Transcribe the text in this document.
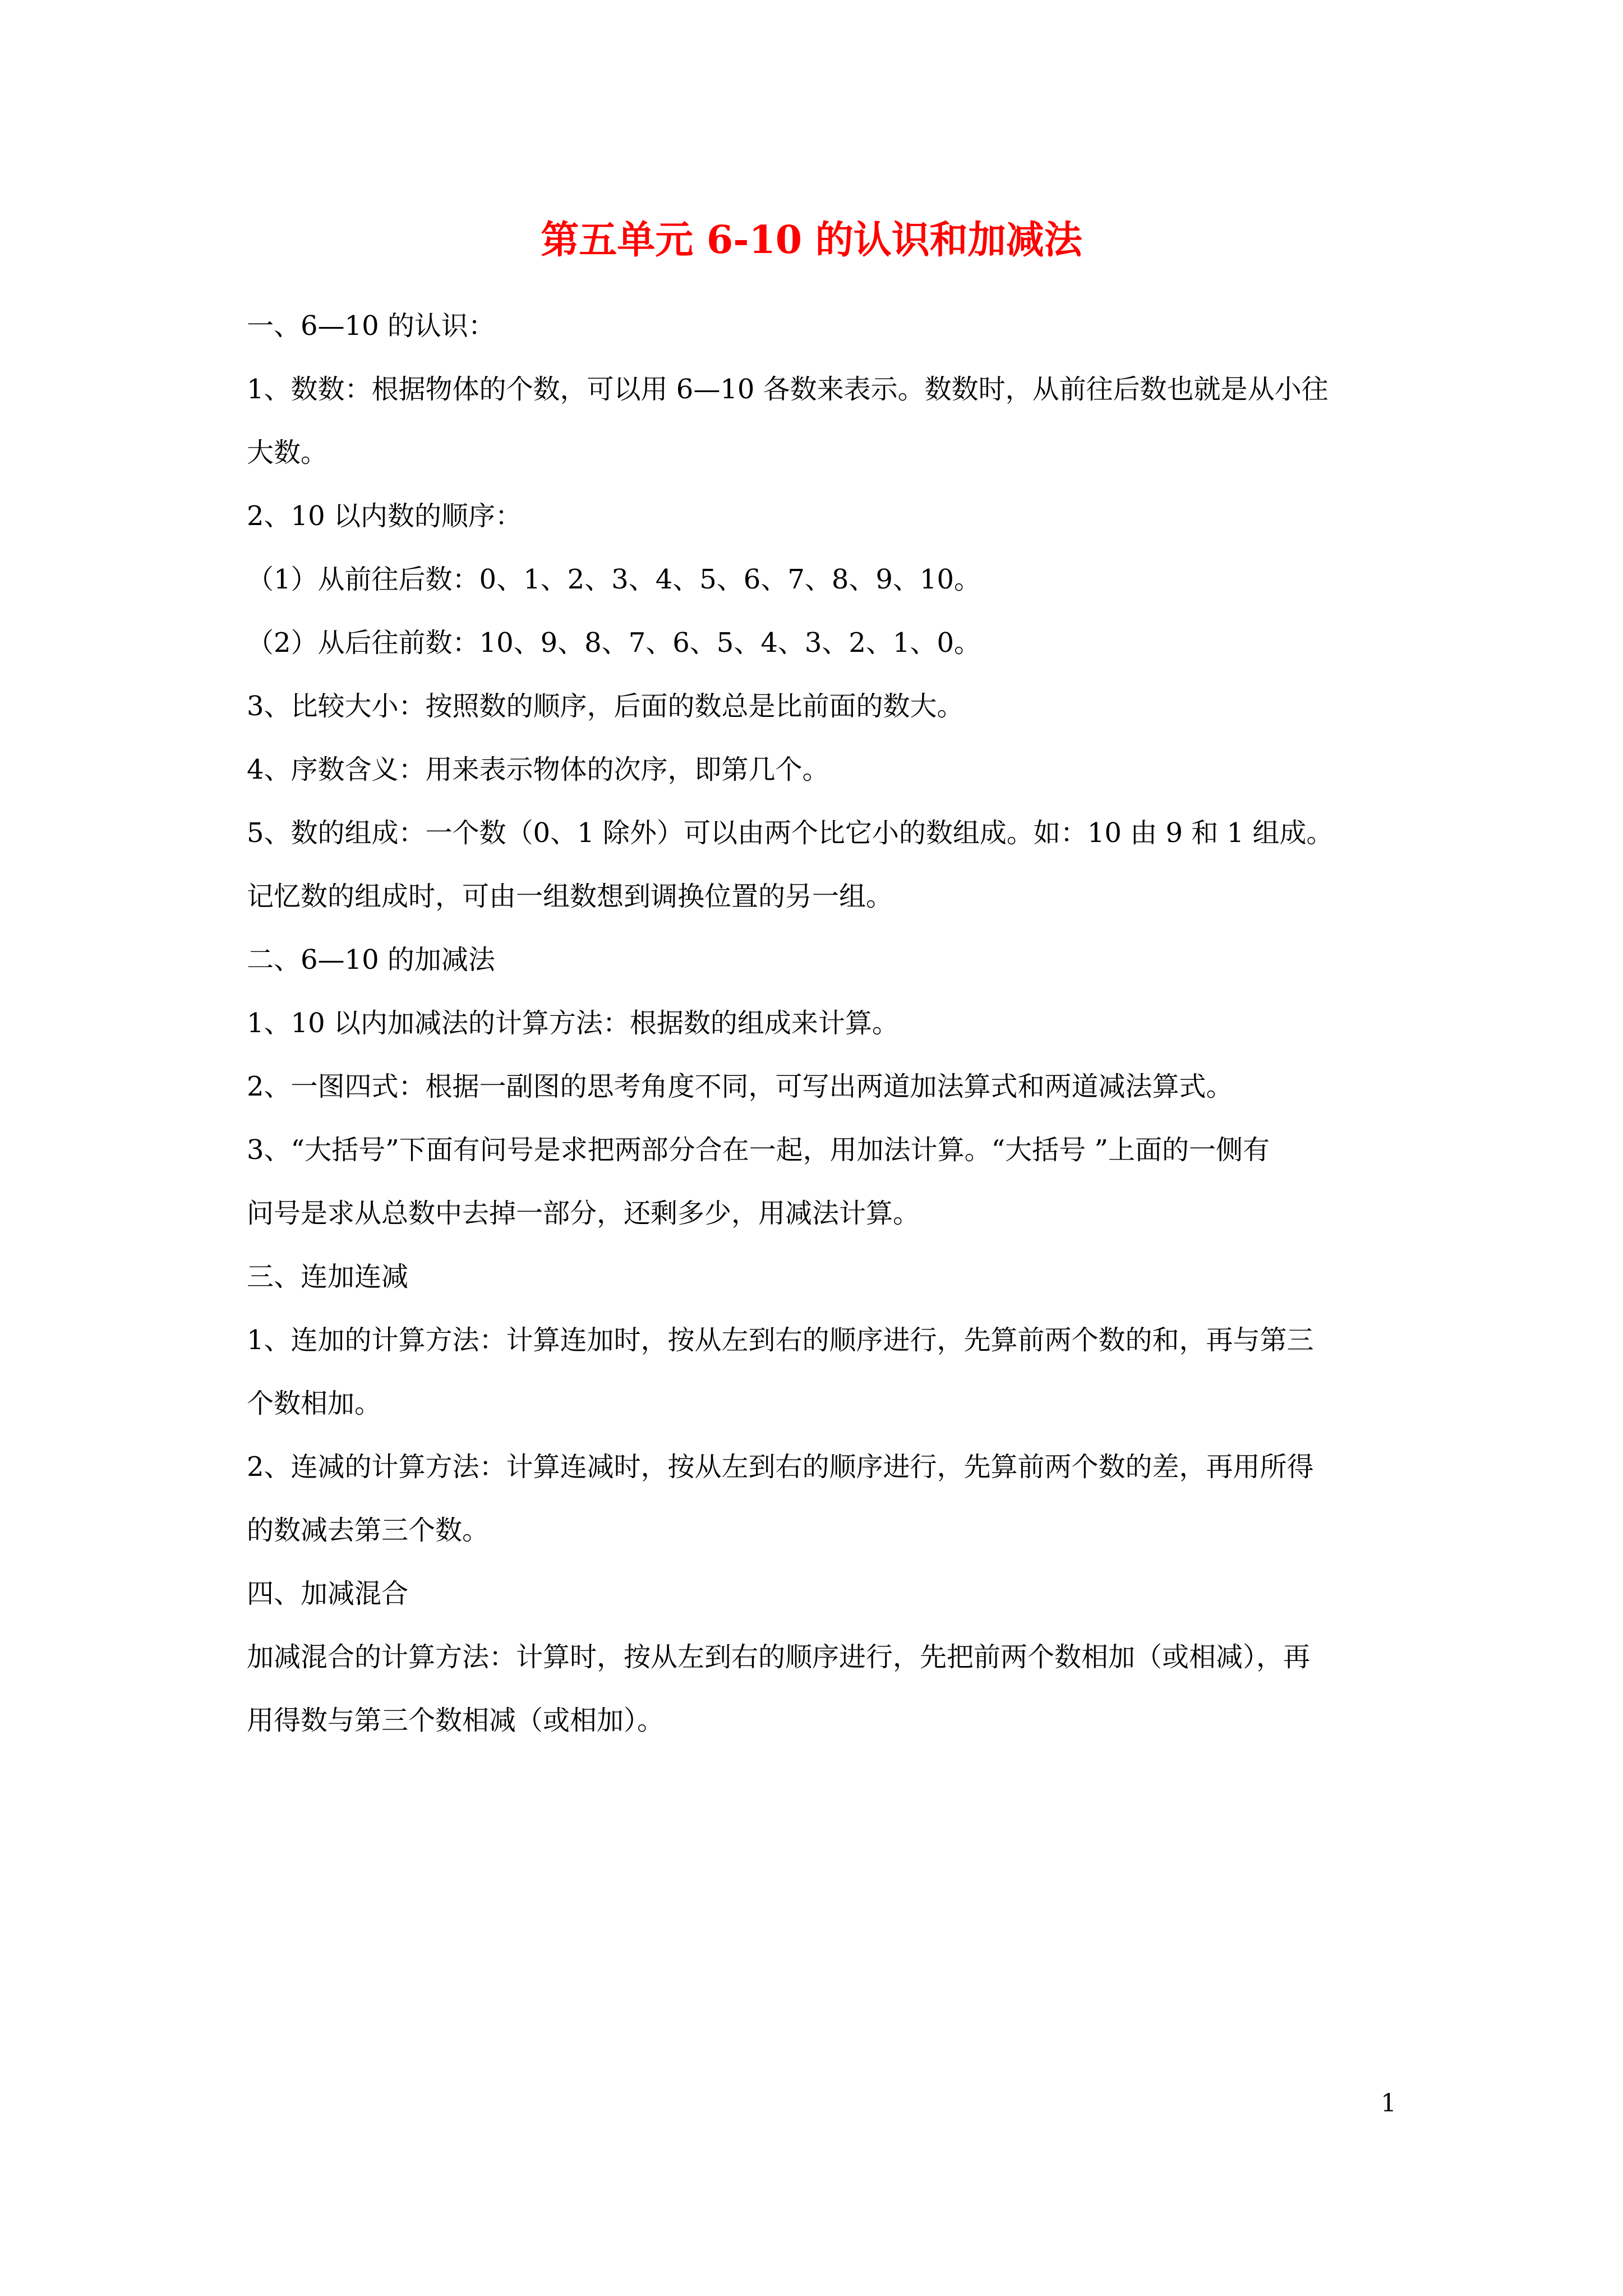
第五单元 6-10 的认识和加减法
一、6—10 的认识：
1、数数：根据物体的个数，可以用 6—10 各数来表示。数数时，从前往后数也就是从小往
大数。
2、10 以内数的顺序：
（1）从前往后数：0、1、2、3、4、5、6、7、8、9、10。
（2）从后往前数：10、9、8、7、6、5、4、3、2、1、0。
3、比较大小：按照数的顺序，后面的数总是比前面的数大。
4、序数含义：用来表示物体的次序，即第几个。
5、数的组成：一个数（0、1 除外）可以由两个比它小的数组成。如：10 由 9 和 1 组成。
记忆数的组成时，可由一组数想到调换位置的另一组。
二、6—10 的加减法
1、10 以内加减法的计算方法：根据数的组成来计算。
2、一图四式：根据一副图的思考角度不同，可写出两道加法算式和两道减法算式。
3、“大括号”下面有问号是求把两部分合在一起，用加法计算。“大括号 ”上面的一侧有
问号是求从总数中去掉一部分，还剩多少，用减法计算。
三、连加连减
1、连加的计算方法：计算连加时，按从左到右的顺序进行，先算前两个数的和，再与第三
个数相加。
2、连减的计算方法：计算连减时，按从左到右的顺序进行，先算前两个数的差，再用所得
的数减去第三个数。
四、加减混合
加减混合的计算方法：计算时，按从左到右的顺序进行，先把前两个数相加（或相减），再
用得数与第三个数相减（或相加）。
1
